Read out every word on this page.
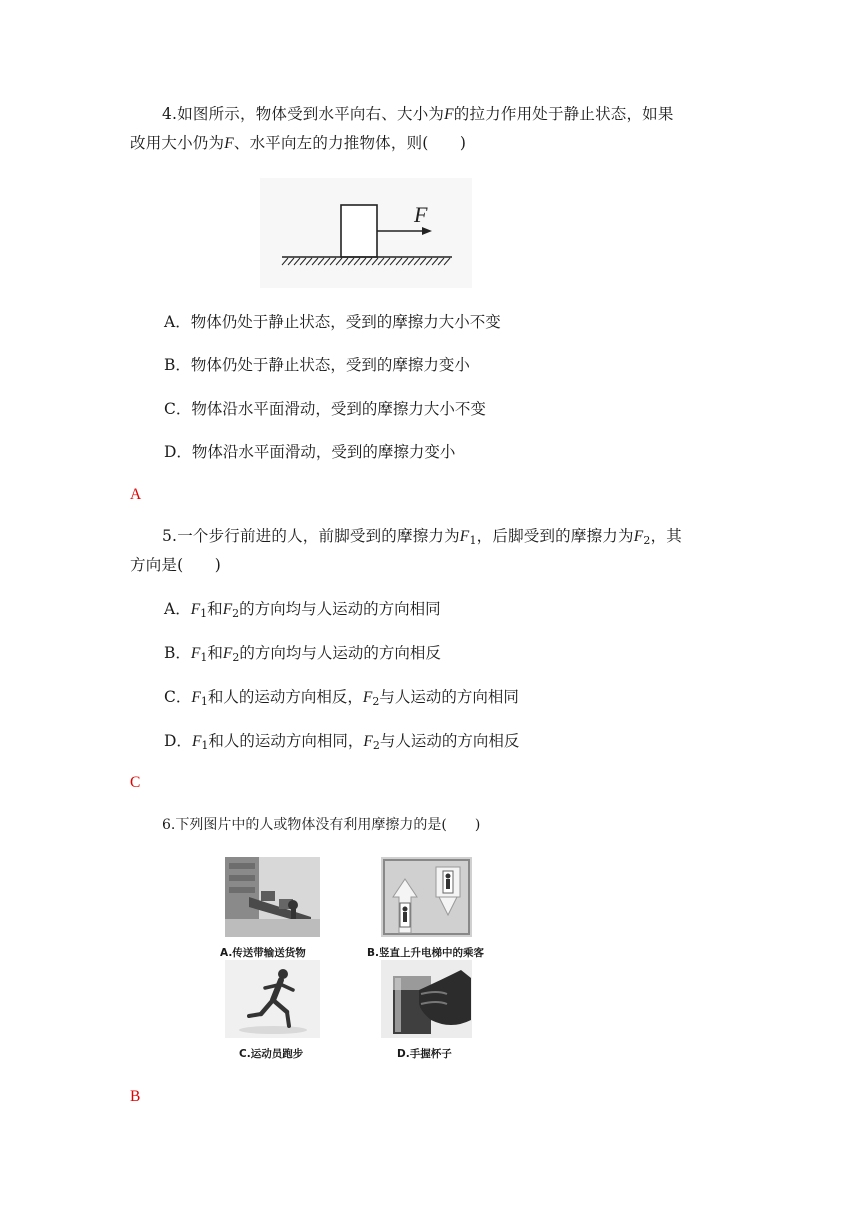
4.如图所示，物体受到水平向右、大小为F的拉力作用处于静止状态，如果
改用大小仍为F、水平向左的力推物体，则(　　)
F
A．物体仍处于静止状态，受到的摩擦力大小不变
B．物体仍处于静止状态，受到的摩擦力变小
C．物体沿水平面滑动，受到的摩擦力大小不变
D．物体沿水平面滑动，受到的摩擦力变小
A
5.一个步行前进的人，前脚受到的摩擦力为$F_1$，后脚受到的摩擦力为$F_2$，其
方向是(　　)
A．$F_1$和$F_2$的方向均与人运动的方向相同
B．$F_1$和$F_2$的方向均与人运动的方向相反
C．$F_1$和人的运动方向相反，$F_2$与人运动的方向相同
D．$F_1$和人的运动方向相同，$F_2$与人运动的方向相反
C
6.下列图片中的人或物体没有利用摩擦力的是(　　)
A.传送带输送货物	B.竖直上升电梯中的乘客
C.运动员跑步	D.手握杯子
B
